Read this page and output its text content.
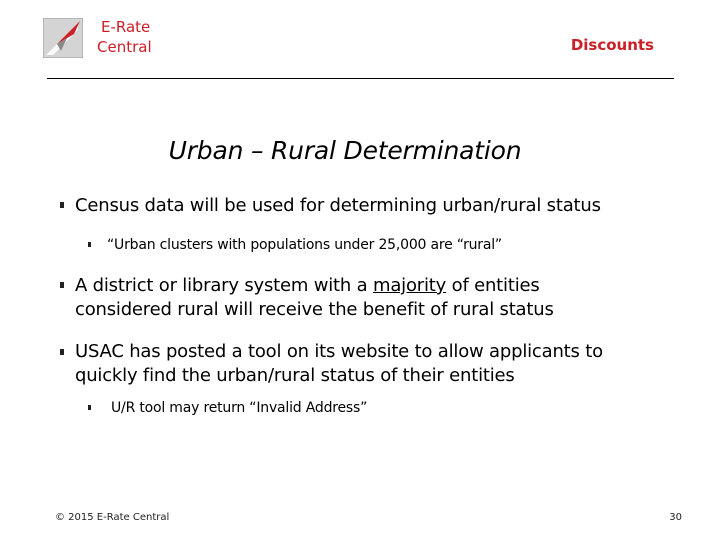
E-Rate
Central	Discounts
Urban – Rural Determination
Census data will be used for determining urban/rural status
“Urban clusters with populations under 25,000 are “rural”
A district or library system with a majority of entities
considered rural will receive the benefit of rural status
USAC has posted a tool on its website to allow applicants to
quickly find the urban/rural status of their entities
U/R tool may return “Invalid Address”
© 2015 E-Rate Central	30
